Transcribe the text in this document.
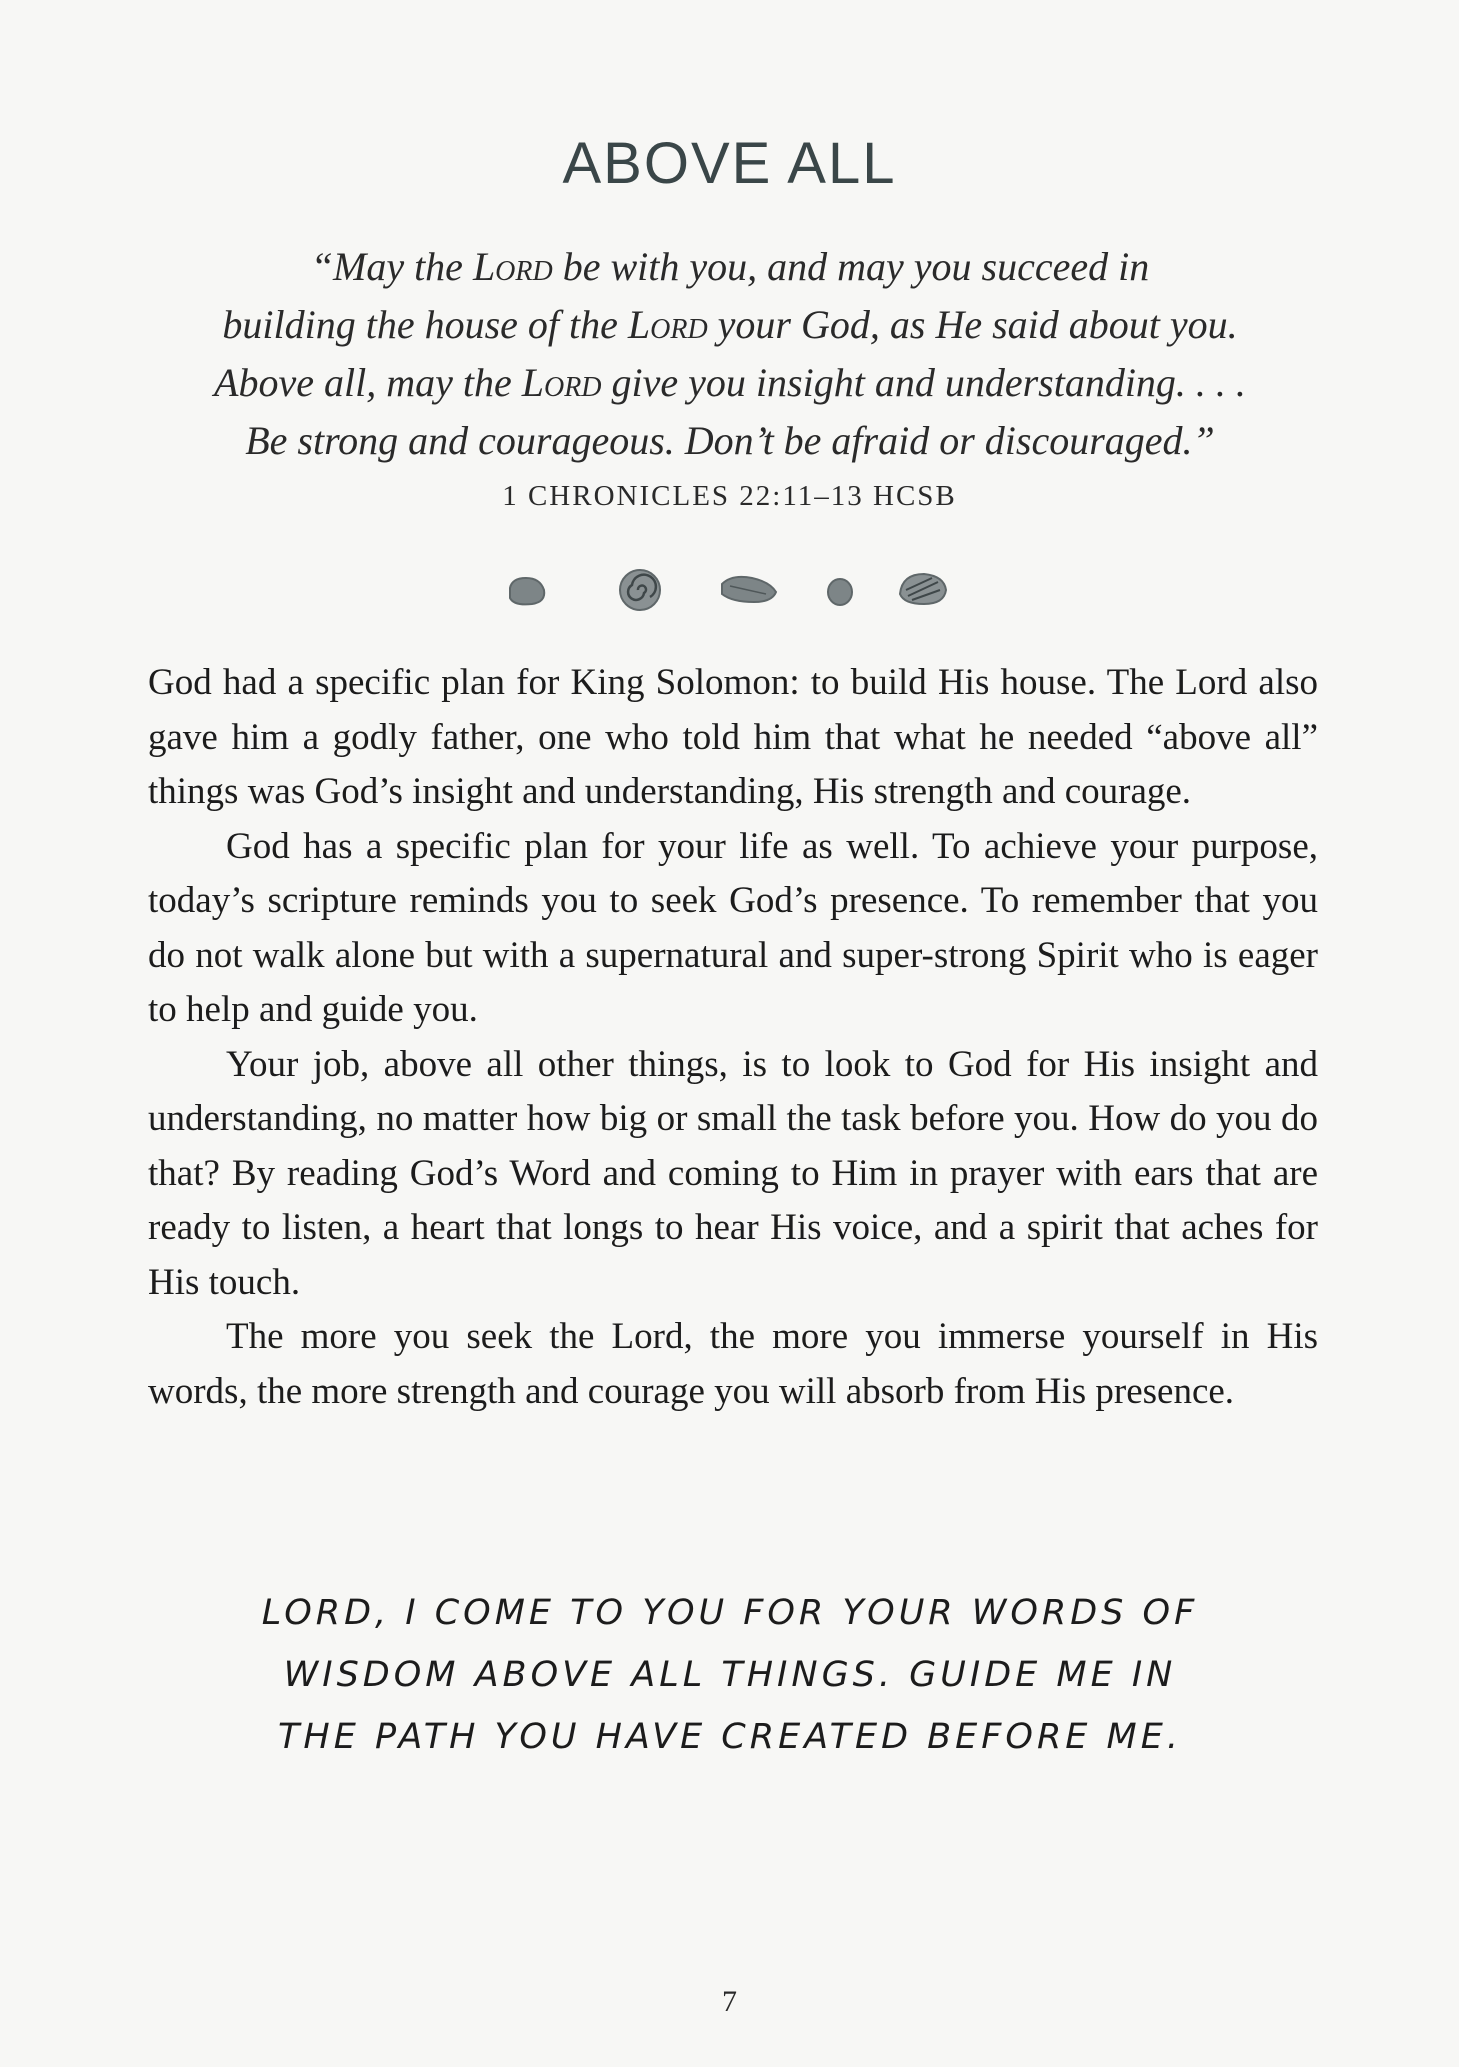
ABOVE ALL
“May the Lord be with you, and may you succeed in
building the house of the Lord your God, as He said about you.
Above all, may the Lord give you insight and understanding. . . .
Be strong and courageous. Don’t be afraid or discouraged.”
1 CHRONICLES 22:11–13 HCSB

God had a specific plan for King Solomon: to build His house. The Lord also gave him a godly father, one who told him that what he needed “above all” things was God’s insight and understanding, His strength and courage.

God has a specific plan for your life as well. To achieve your purpose, today’s scripture reminds you to seek God’s presence. To remember that you do not walk alone but with a supernatural and super-strong Spirit who is eager to help and guide you.

Your job, above all other things, is to look to God for His insight and understanding, no matter how big or small the task before you. How do you do that? By reading God’s Word and coming to Him in prayer with ears that are ready to listen, a heart that longs to hear His voice, and a spirit that aches for His touch.

The more you seek the Lord, the more you immerse yourself in His words, the more strength and courage you will absorb from His presence.

LORD, I COME TO YOU FOR YOUR WORDS OF
WISDOM ABOVE ALL THINGS. GUIDE ME IN
THE PATH YOU HAVE CREATED BEFORE ME.
7
